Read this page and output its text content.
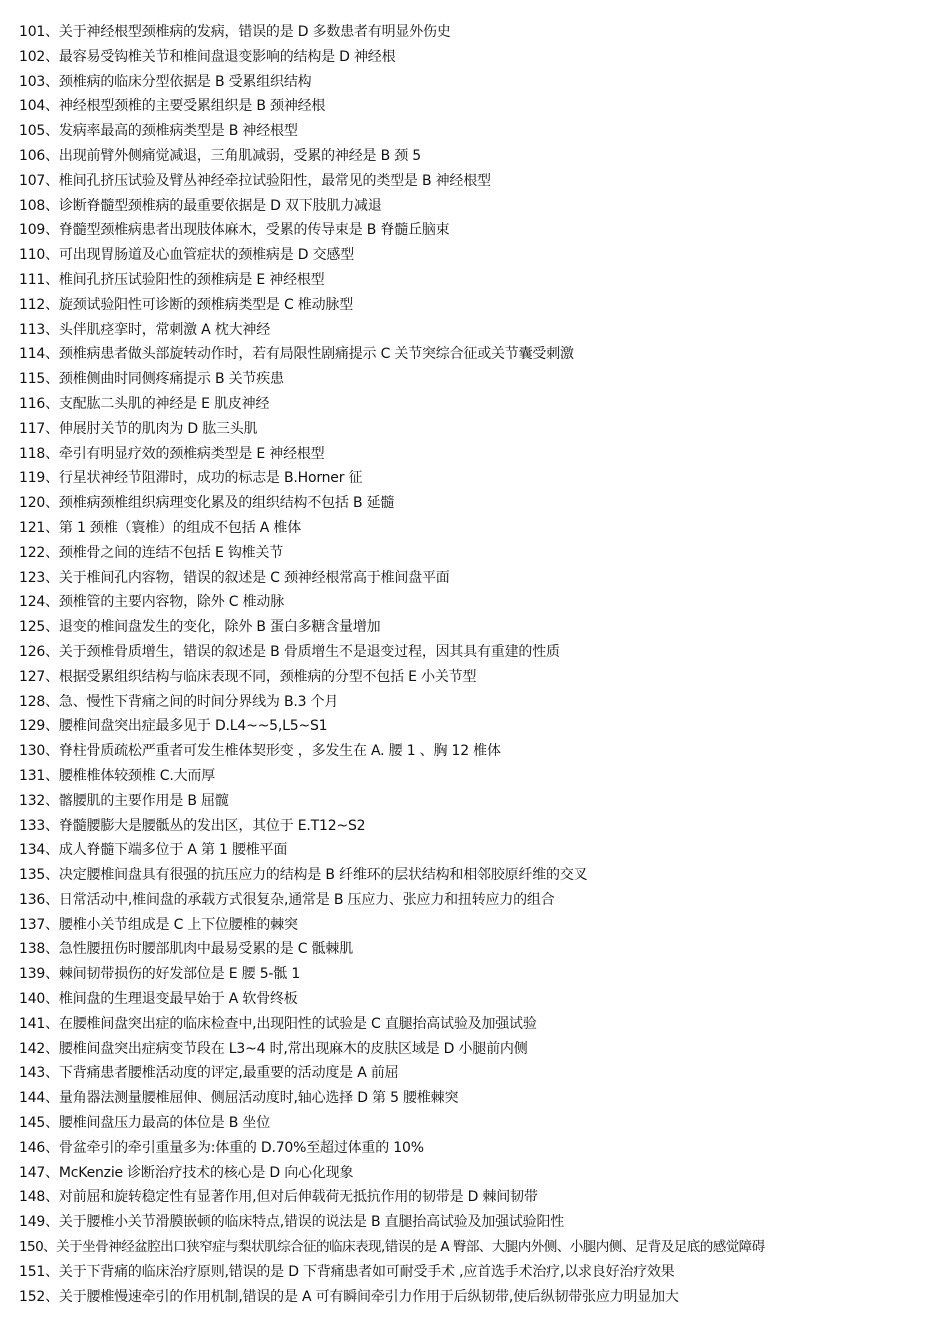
101、关于神经根型颈椎病的发病，错误的是 D 多数患者有明显外伤史
102、最容易受钩椎关节和椎间盘退变影响的结构是 D 神经根
103、颈椎病的临床分型依据是 B 受累组织结构
104、神经根型颈椎的主要受累组织是 B 颈神经根
105、发病率最高的颈椎病类型是 B 神经根型
106、出现前臂外侧痛觉减退，三角肌减弱，受累的神经是 B 颈 5
107、椎间孔挤压试验及臂丛神经牵拉试验阳性，最常见的类型是 B 神经根型
108、诊断脊髓型颈椎病的最重要依据是 D 双下肢肌力减退
109、脊髓型颈椎病患者出现肢体麻木，受累的传导束是 B 脊髓丘脑束
110、可出现胃肠道及心血管症状的颈椎病是 D 交感型
111、椎间孔挤压试验阳性的颈椎病是 E 神经根型
112、旋颈试验阳性可诊断的颈椎病类型是 C 椎动脉型
113、头伴肌痉挛时，常刺激 A 枕大神经
114、颈椎病患者做头部旋转动作时，若有局限性剧痛提示 C 关节突综合征或关节囊受刺激
115、颈椎侧曲时同侧疼痛提示 B 关节疾患
116、支配肱二头肌的神经是 E 肌皮神经
117、伸展肘关节的肌肉为 D 肱三头肌
118、牵引有明显疗效的颈椎病类型是 E 神经根型
119、行星状神经节阻滞时，成功的标志是 B.Horner 征
120、颈椎病颈椎组织病理变化累及的组织结构不包括 B 延髓
121、第 1 颈椎（寰椎）的组成不包括 A 椎体
122、颈椎骨之间的连结不包括 E 钩椎关节
123、关于椎间孔内容物，错误的叙述是 C 颈神经根常高于椎间盘平面
124、颈椎管的主要内容物，除外 C 椎动脉
125、退变的椎间盘发生的变化，除外 B 蛋白多糖含量增加
126、关于颈椎骨质增生，错误的叙述是 B 骨质增生不是退变过程，因其具有重建的性质
127、根据受累组织结构与临床表现不同，颈椎病的分型不包括 E 小关节型
128、急、慢性下背痛之间的时间分界线为 B.3 个月
129、腰椎间盘突出症最多见于 D.L4~~5,L5~S1
130、脊柱骨质疏松严重者可发生椎体契形变 ，多发生在 A. 腰 1 、胸 12 椎体
131、腰椎椎体较颈椎 C.大而厚
132、髂腰肌的主要作用是 B 屈髋
133、脊髓腰膨大是腰骶丛的发出区，其位于 E.T12~S2
134、成人脊髓下端多位于 A 第 1 腰椎平面
135、决定腰椎间盘具有很强的抗压应力的结构是 B 纤维环的层状结构和相邻胶原纤维的交叉
136、日常活动中,椎间盘的承载方式很复杂,通常是 B 压应力、张应力和扭转应力的组合
137、腰椎小关节组成是 C 上下位腰椎的棘突
138、急性腰扭伤时腰部肌肉中最易受累的是 C 骶棘肌
139、棘间韧带损伤的好发部位是 E 腰 5-骶 1
140、椎间盘的生理退变最早始于 A 软骨终板
141、在腰椎间盘突出症的临床检查中,出现阳性的试验是 C 直腿抬高试验及加强试验
142、腰椎间盘突出症病变节段在 L3~4 时,常出现麻木的皮肤区域是 D 小腿前内侧
143、下背痛患者腰椎活动度的评定,最重要的活动度是 A 前屈
144、量角器法测量腰椎屈伸、侧屈活动度时,轴心选择 D 第 5 腰椎棘突
145、腰椎间盘压力最高的体位是 B 坐位
146、骨盆牵引的牵引重量多为:体重的 D.70%至超过体重的 10%
147、McKenzie 诊断治疗技术的核心是 D 向心化现象
148、对前屈和旋转稳定性有显著作用,但对后伸载荷无抵抗作用的韧带是 D 棘间韧带
149、关于腰椎小关节滑膜嵌顿的临床特点,错误的说法是 B 直腿抬高试验及加强试验阳性
150、关于坐骨神经盆腔出口狭窄症与梨状肌综合征的临床表现,错误的是 A 臀部、大腿内外侧、小腿内侧、足背及足底的感觉障碍
151、关于下背痛的临床治疗原则,错误的是 D 下背痛患者如可耐受手术 ,应首选手术治疗,以求良好治疗效果
152、关于腰椎慢速牵引的作用机制,错误的是 A 可有瞬间牵引力作用于后纵韧带,使后纵韧带张应力明显加大
